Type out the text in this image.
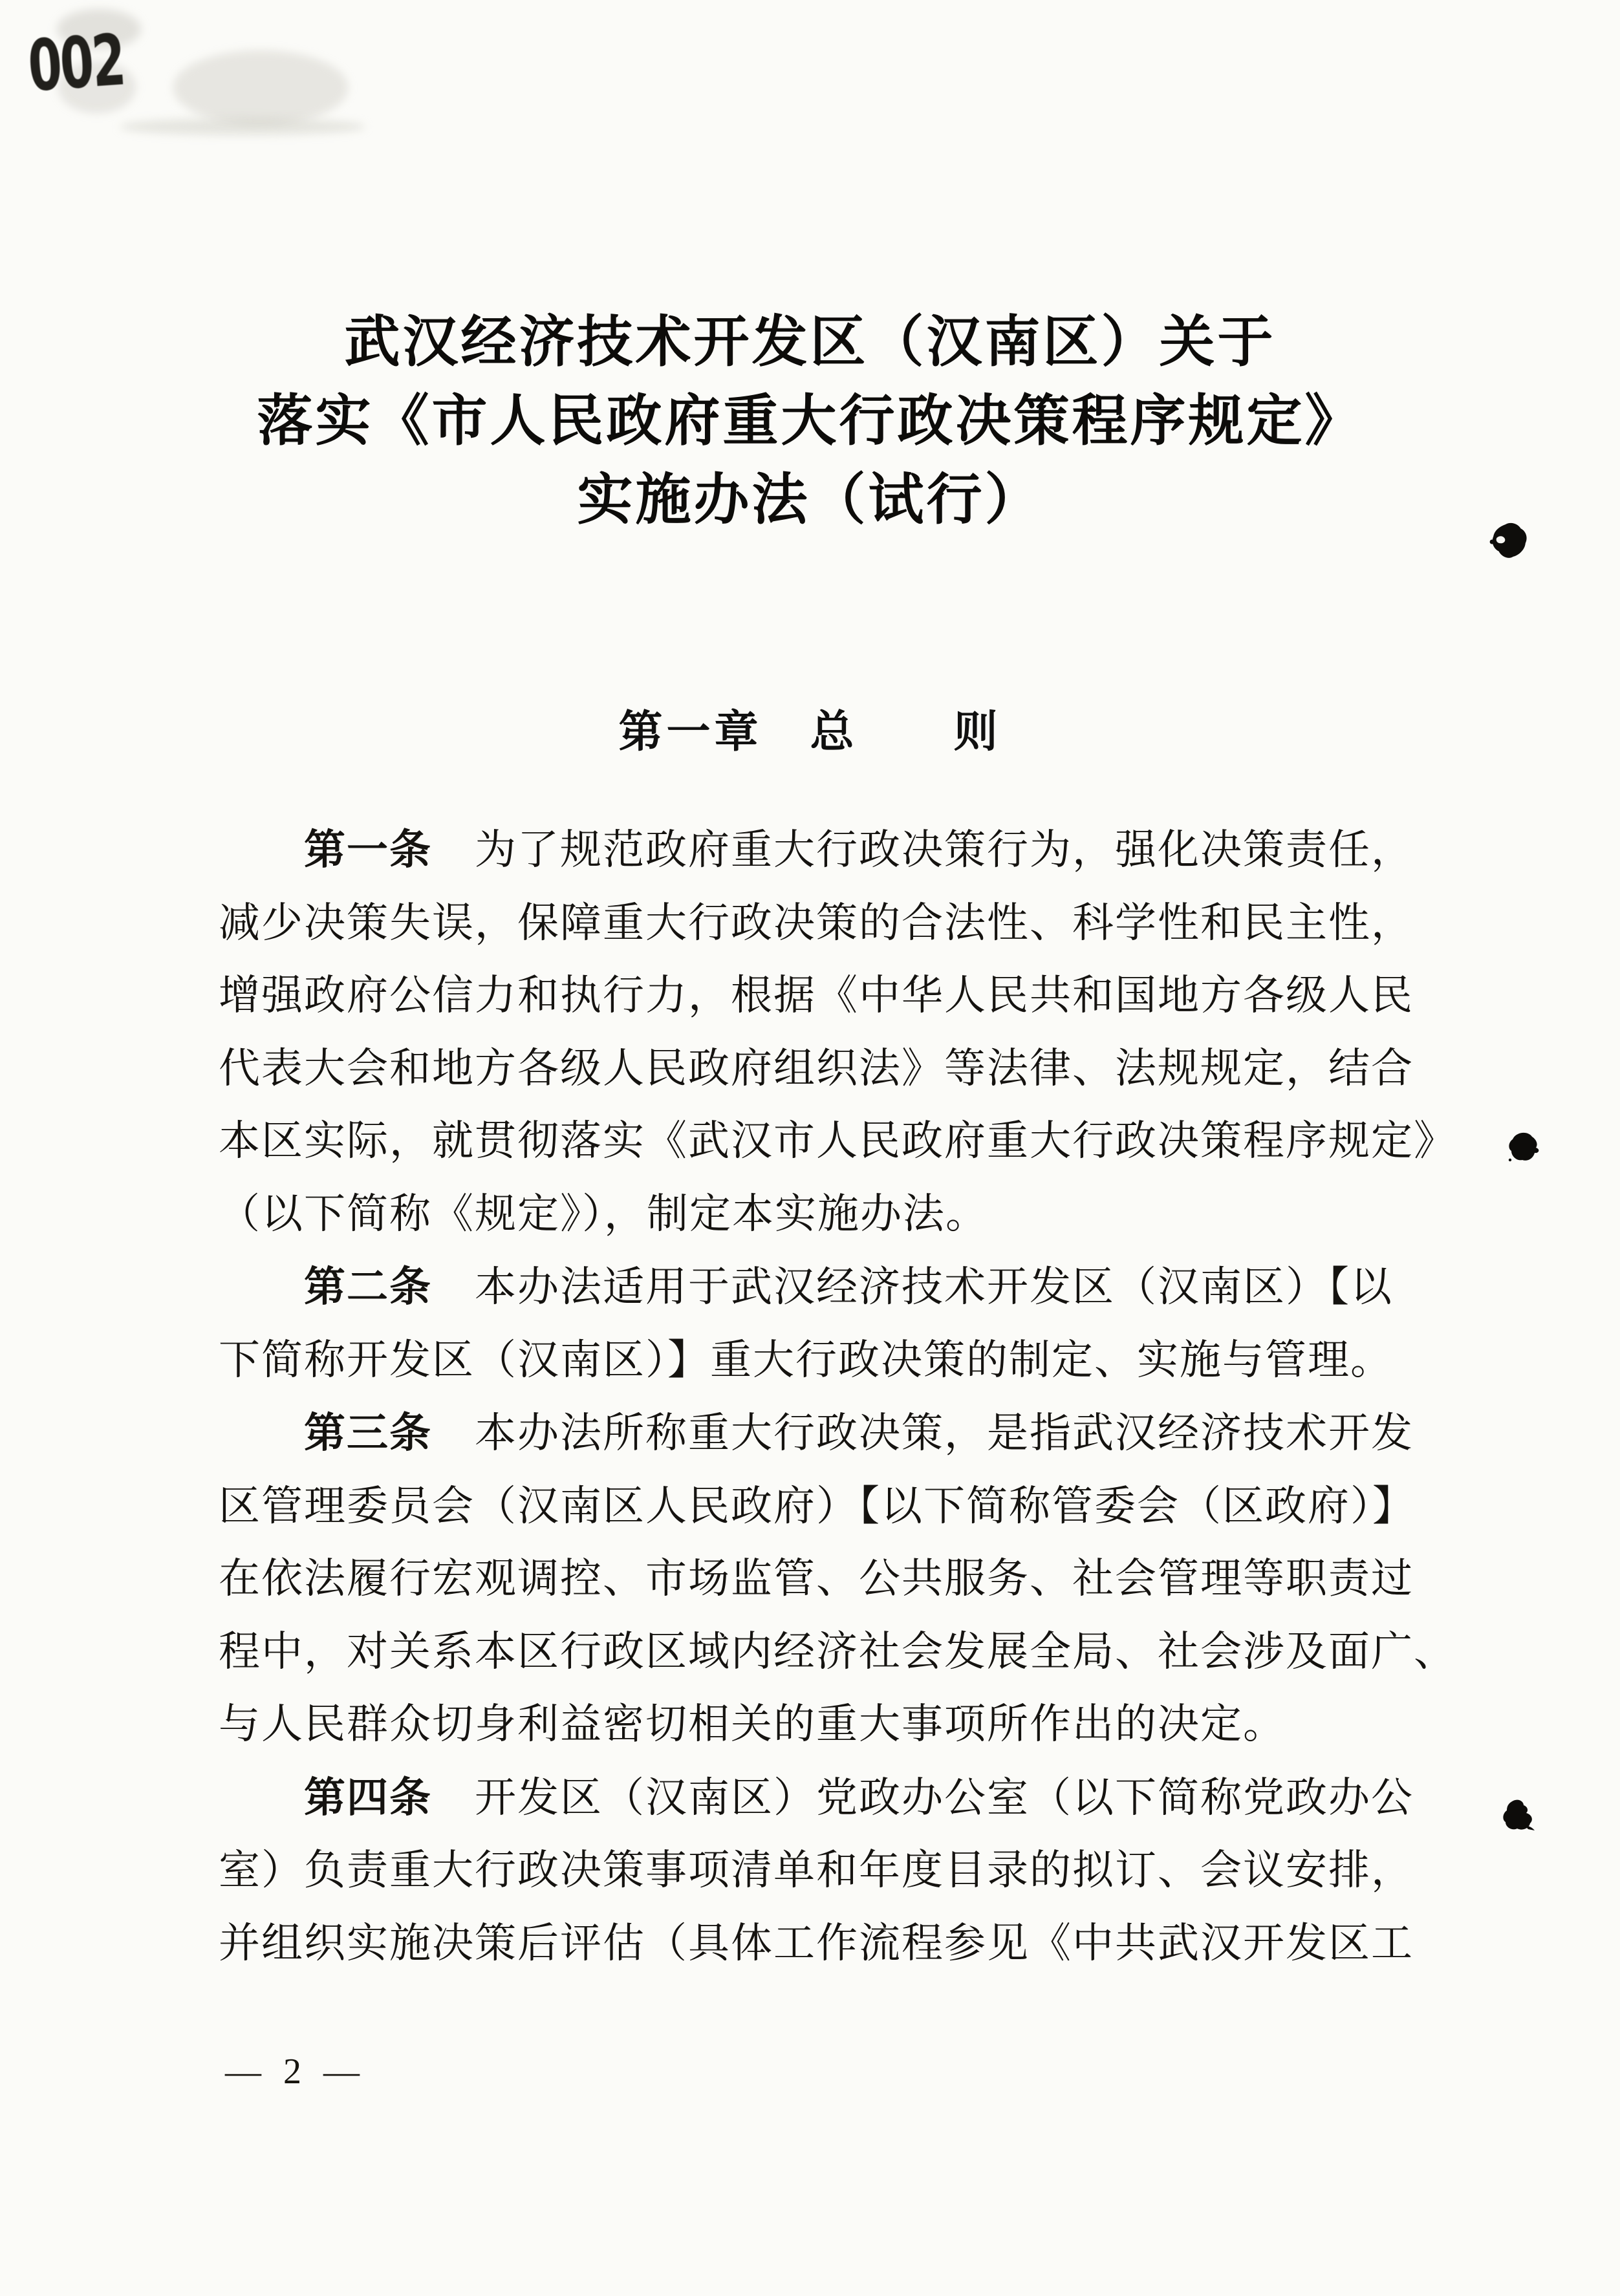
002
武汉经济技术开发区（汉南区）关于
落实《市人民政府重大行政决策程序规定》
实施办法（试行）
第一章　总　　则
第一条　为了规范政府重大行政决策行为，强化决策责任，
减少决策失误，保障重大行政决策的合法性、科学性和民主性，
增强政府公信力和执行力，根据《中华人民共和国地方各级人民
代表大会和地方各级人民政府组织法》等法律、法规规定，结合
本区实际，就贯彻落实《武汉市人民政府重大行政决策程序规定》
（以下简称《规定》），制定本实施办法。
第二条　本办法适用于武汉经济技术开发区（汉南区）【以
下简称开发区（汉南区）】重大行政决策的制定、实施与管理。
第三条　本办法所称重大行政决策，是指武汉经济技术开发
区管理委员会（汉南区人民政府）【以下简称管委会（区政府）】
在依法履行宏观调控、市场监管、公共服务、社会管理等职责过
程中，对关系本区行政区域内经济社会发展全局、社会涉及面广、
与人民群众切身利益密切相关的重大事项所作出的决定。
第四条　开发区（汉南区）党政办公室（以下简称党政办公
室）负责重大行政决策事项清单和年度目录的拟订、会议安排，
并组织实施决策后评估（具体工作流程参见《中共武汉开发区工
— 2 —
